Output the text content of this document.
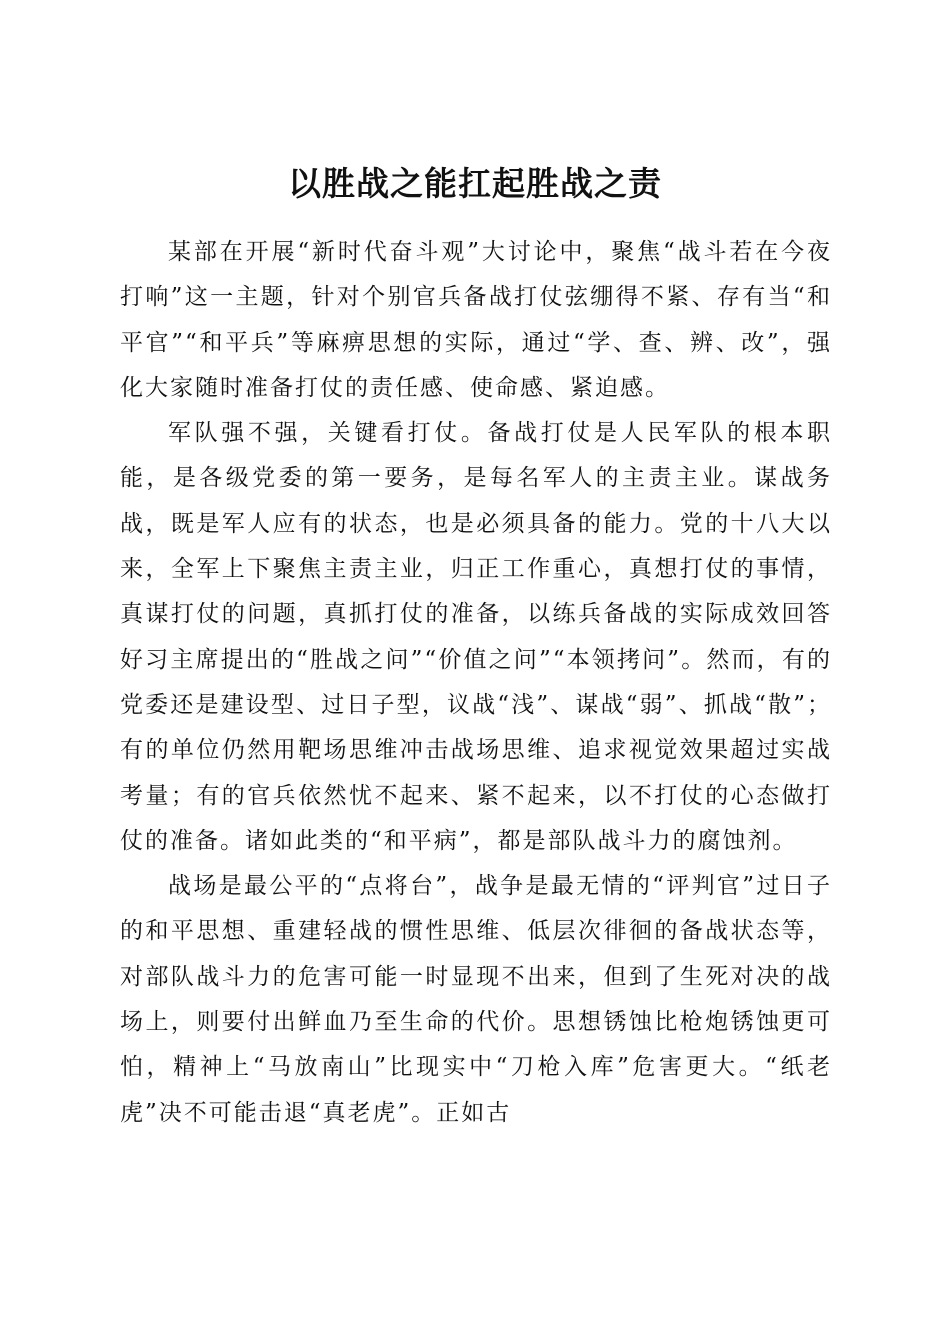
以胜战之能扛起胜战之责

某部在开展“新时代奋斗观”大讨论中，聚焦“战斗若在今夜打响”这一主题，针对个别官兵备战打仗弦绷得不紧、存有当“和平官”“和平兵”等麻痹思想的实际，通过“学、查、辨、改”，强化大家随时准备打仗的责任感、使命感、紧迫感。

军队强不强，关键看打仗。备战打仗是人民军队的根本职能，是各级党委的第一要务，是每名军人的主责主业。谋战务战，既是军人应有的状态，也是必须具备的能力。党的十八大以来，全军上下聚焦主责主业，归正工作重心，真想打仗的事情，真谋打仗的问题，真抓打仗的准备，以练兵备战的实际成效回答好习主席提出的“胜战之问”“价值之问”“本领拷问”。然而，有的党委还是建设型、过日子型，议战“浅”、谋战“弱”、抓战“散”；有的单位仍然用靶场思维冲击战场思维、追求视觉效果超过实战考量；有的官兵依然忧不起来、紧不起来，以不打仗的心态做打仗的准备。诸如此类的“和平病”，都是部队战斗力的腐蚀剂。

战场是最公平的“点将台”，战争是最无情的“评判官”过日子的和平思想、重建轻战的惯性思维、低层次徘徊的备战状态等，对部队战斗力的危害可能一时显现不出来，但到了生死对决的战场上，则要付出鲜血乃至生命的代价。思想锈蚀比枪炮锈蚀更可怕，精神上“马放南山”比现实中“刀枪入库”危害更大。“纸老虎”决不可能击退“真老虎”。正如古
